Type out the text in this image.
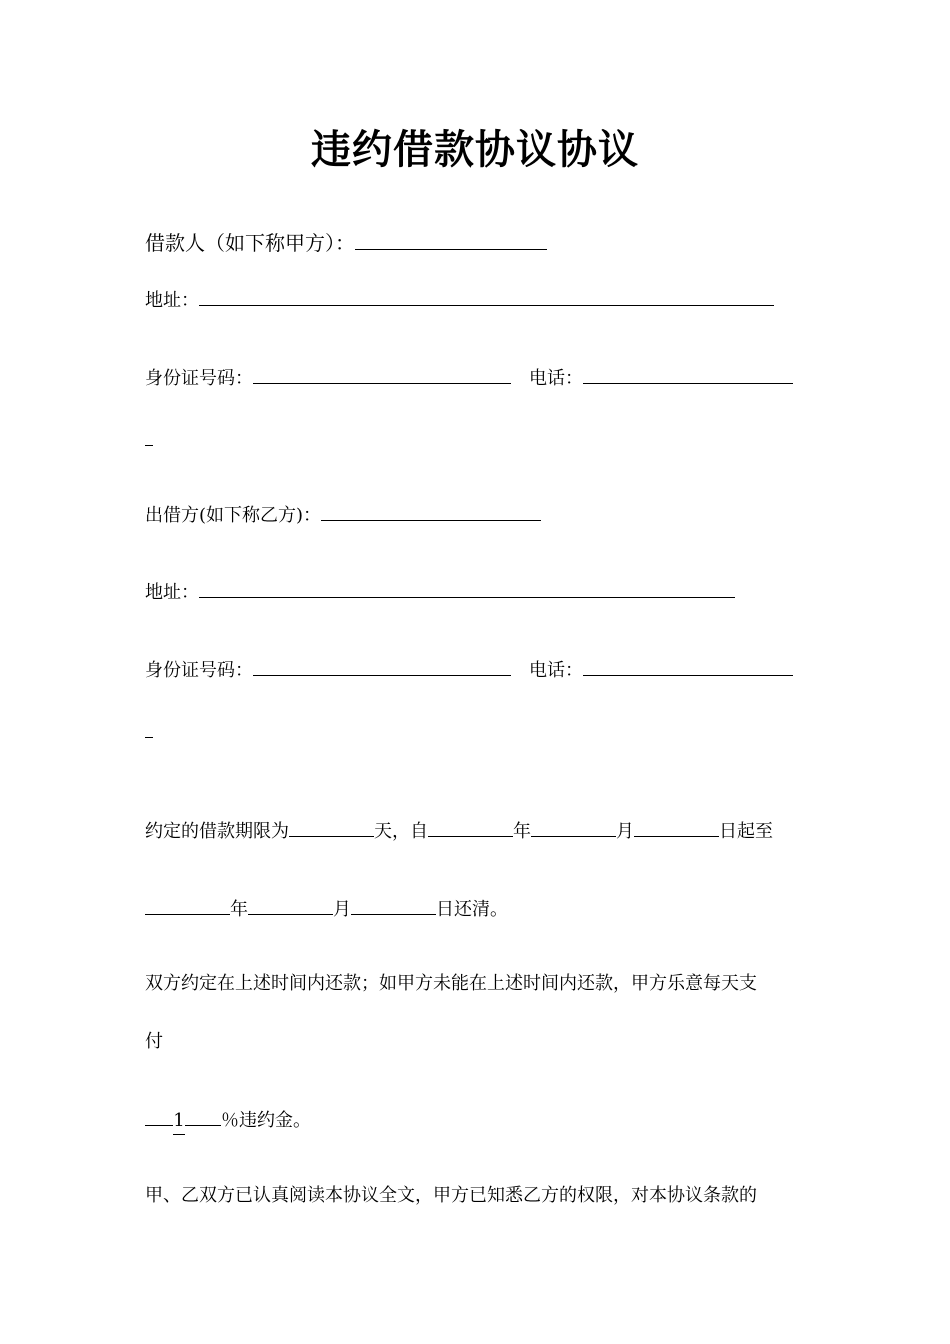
违约借款协议协议
借款人（如下称甲方）：
地址：
身份证号码：	电话：
出借方(如下称乙方)：
地址：
身份证号码：	电话：
约定的借款期限为	天，自	年	月	日起至
年	月	日还清。
双方约定在上述时间内还款；如甲方未能在上述时间内还款，甲方乐意每天支
付
1 ％违约金。
甲、乙双方已认真阅读本协议全文，甲方已知悉乙方的权限，对本协议条款的
